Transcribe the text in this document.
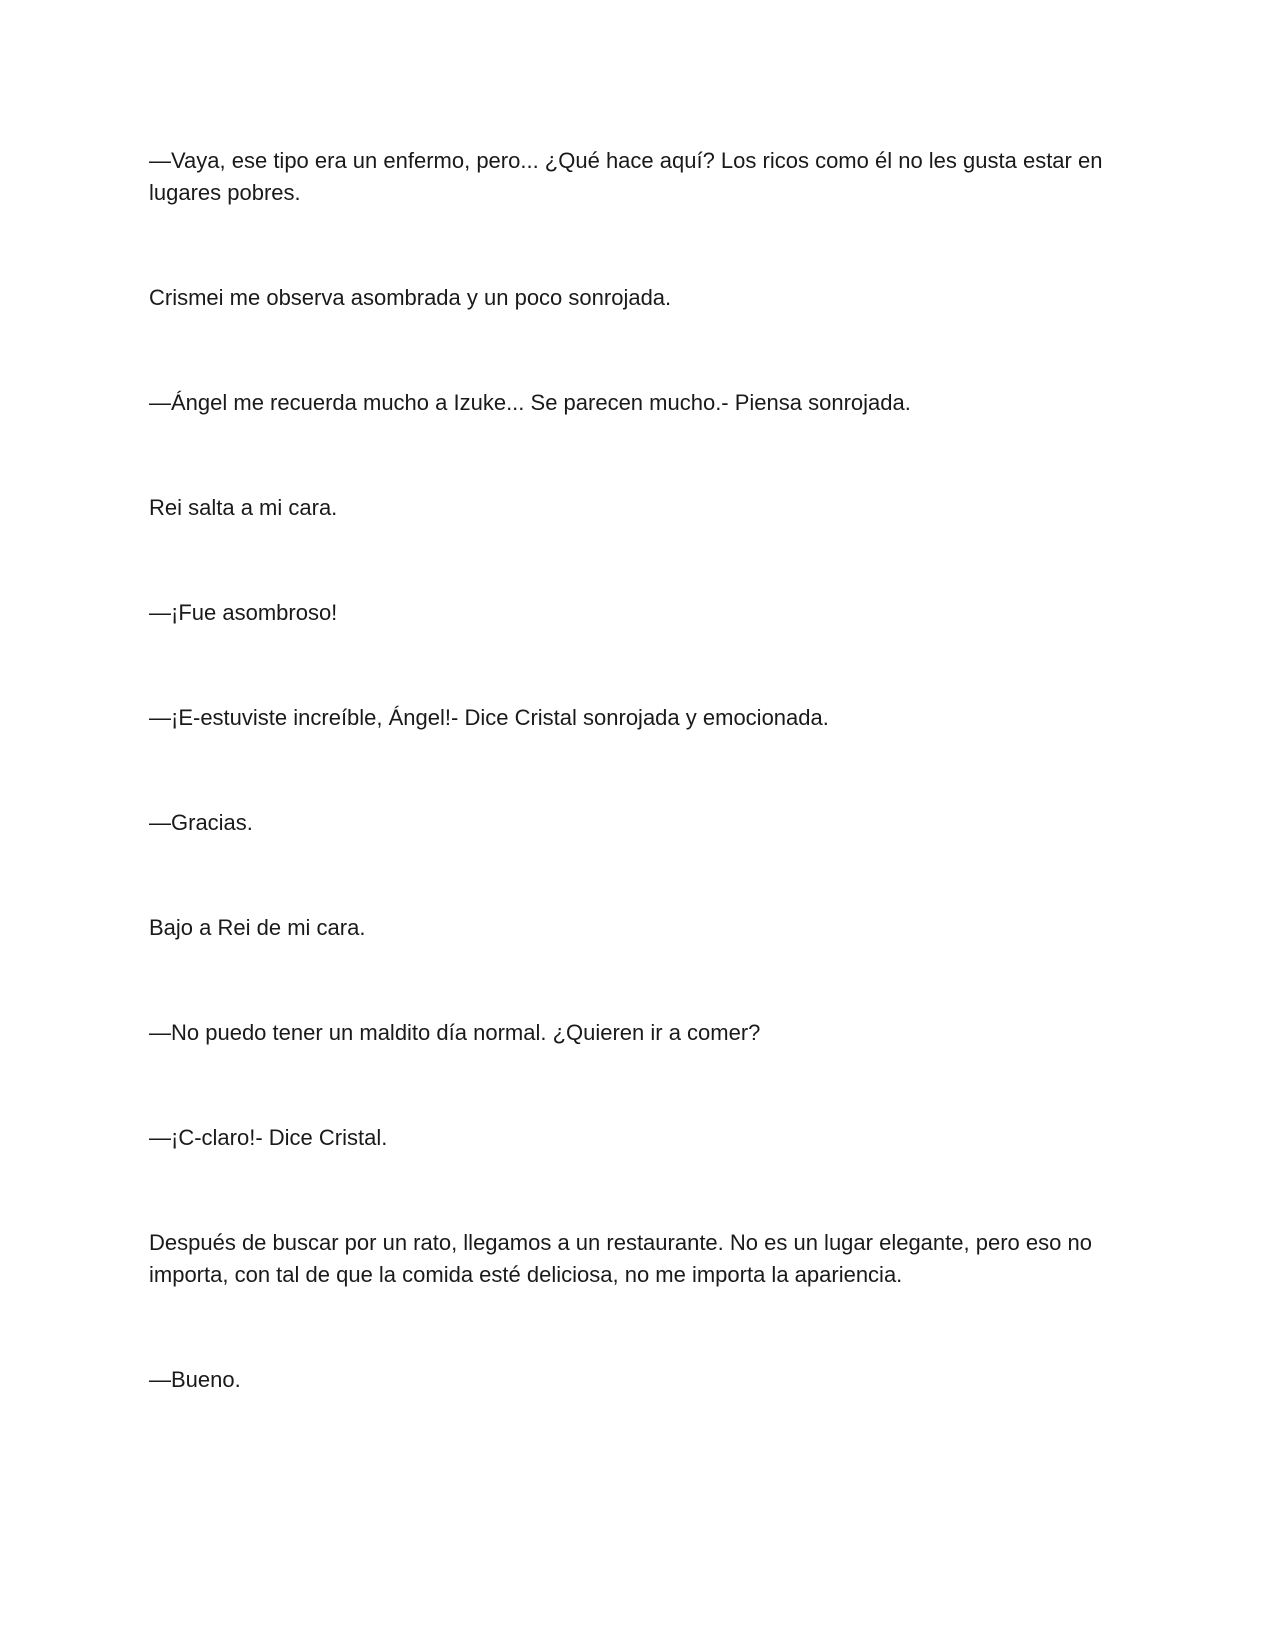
—Vaya, ese tipo era un enfermo, pero... ¿Qué hace aquí? Los ricos como él no les gusta estar en lugares pobres.

Crismei me observa asombrada y un poco sonrojada.

—Ángel me recuerda mucho a Izuke... Se parecen mucho.- Piensa sonrojada.

Rei salta a mi cara.

—¡Fue asombroso!

—¡E-estuviste increíble, Ángel!- Dice Cristal sonrojada y emocionada.

—Gracias.

Bajo a Rei de mi cara.

—No puedo tener un maldito día normal. ¿Quieren ir a comer?

—¡C-claro!- Dice Cristal.

Después de buscar por un rato, llegamos a un restaurante. No es un lugar elegante, pero eso no importa, con tal de que la comida esté deliciosa, no me importa la apariencia.

—Bueno.
